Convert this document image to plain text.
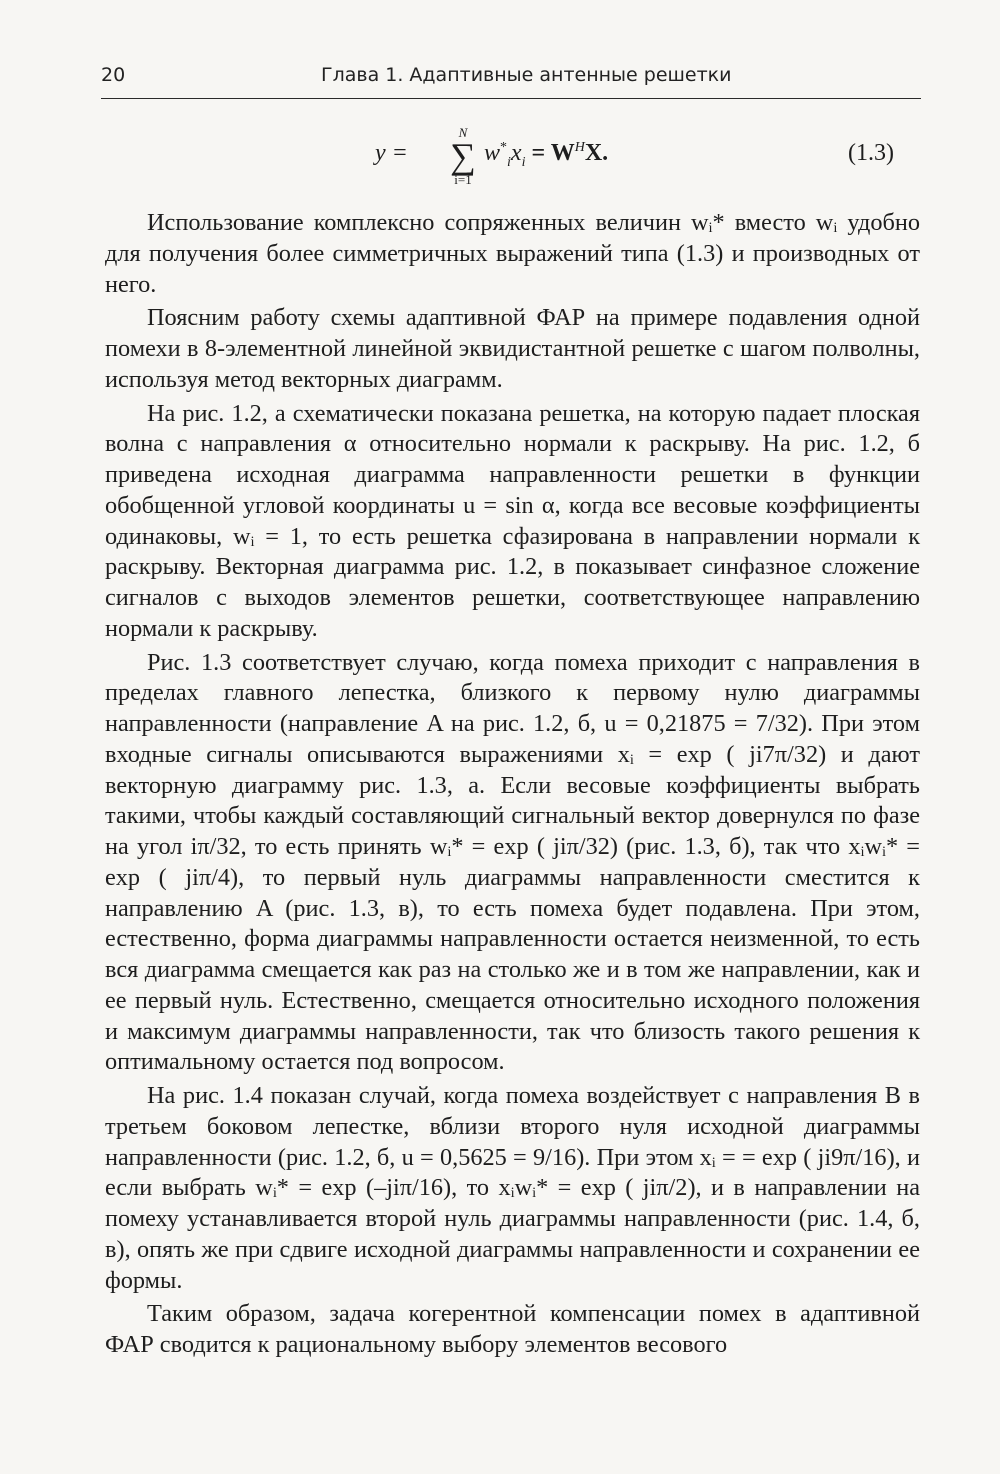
20	Глава 1. Адаптивные антенные решетки
y =
N
∑
i=1
$w^*_ix_i = W^HX$.	(1.3)

Использование комплексно сопряженных величин wᵢ* вместо wᵢ удобно для получения более симметричных выражений типа (1.3) и производных от него.

Поясним работу схемы адаптивной ФАР на примере подавления одной помехи в 8-элементной линейной эквидистантной решетке с шагом полволны, используя метод векторных диаграмм.

На рис. 1.2, а схематически показана решетка, на которую падает плоская волна с направления α относительно нормали к раскрыву. На рис. 1.2, б приведена исходная диаграмма направленности решетки в функции обобщенной угловой координаты u = sin α, когда все весовые коэффициенты одинаковы, wᵢ = 1, то есть решетка сфазирована в направлении нормали к раскрыву. Векторная диаграмма рис. 1.2, в показывает синфазное сложение сигналов с выходов элементов решетки, соответствующее направлению нормали к раскрыву.

Рис. 1.3 соответствует случаю, когда помеха приходит с направления в пределах главного лепестка, близкого к первому нулю диаграммы направленности (направление A на рис. 1.2, б, u = 0,21875 = 7/32). При этом входные сигналы описываются выражениями xᵢ = exp ( ji7π/32) и дают векторную диаграмму рис. 1.3, а. Если весовые коэффициенты выбрать такими, чтобы каждый составляющий сигнальный вектор довернулся по фазе на угол iπ/32, то есть принять wᵢ* = exp ( jiπ/32) (рис. 1.3, б), так что xᵢwᵢ* = exp ( jiπ/4), то первый нуль диаграммы направленности сместится к направлению A (рис. 1.3, в), то есть помеха будет подавлена. При этом, естественно, форма диаграммы направленности остается неизменной, то есть вся диаграмма смещается как раз на столько же и в том же направлении, как и ее первый нуль. Естественно, смещается относительно исходного положения и максимум диаграммы направленности, так что близость такого решения к оптимальному остается под вопросом.

На рис. 1.4 показан случай, когда помеха воздействует с направления B в третьем боковом лепестке, вблизи второго нуля исходной диаграммы направленности (рис. 1.2, б, u = 0,5625 = 9/16). При этом xᵢ = = exp ( ji9π/16), и если выбрать wᵢ* = exp (–jiπ/16), то xᵢwᵢ* = exp ( jiπ/2), и в направлении на помеху устанавливается второй нуль диаграммы направленности (рис. 1.4, б, в), опять же при сдвиге исходной диаграммы направленности и сохранении ее формы.

Таким образом, задача когерентной компенсации помех в адаптивной ФАР сводится к рациональному выбору элементов весового
